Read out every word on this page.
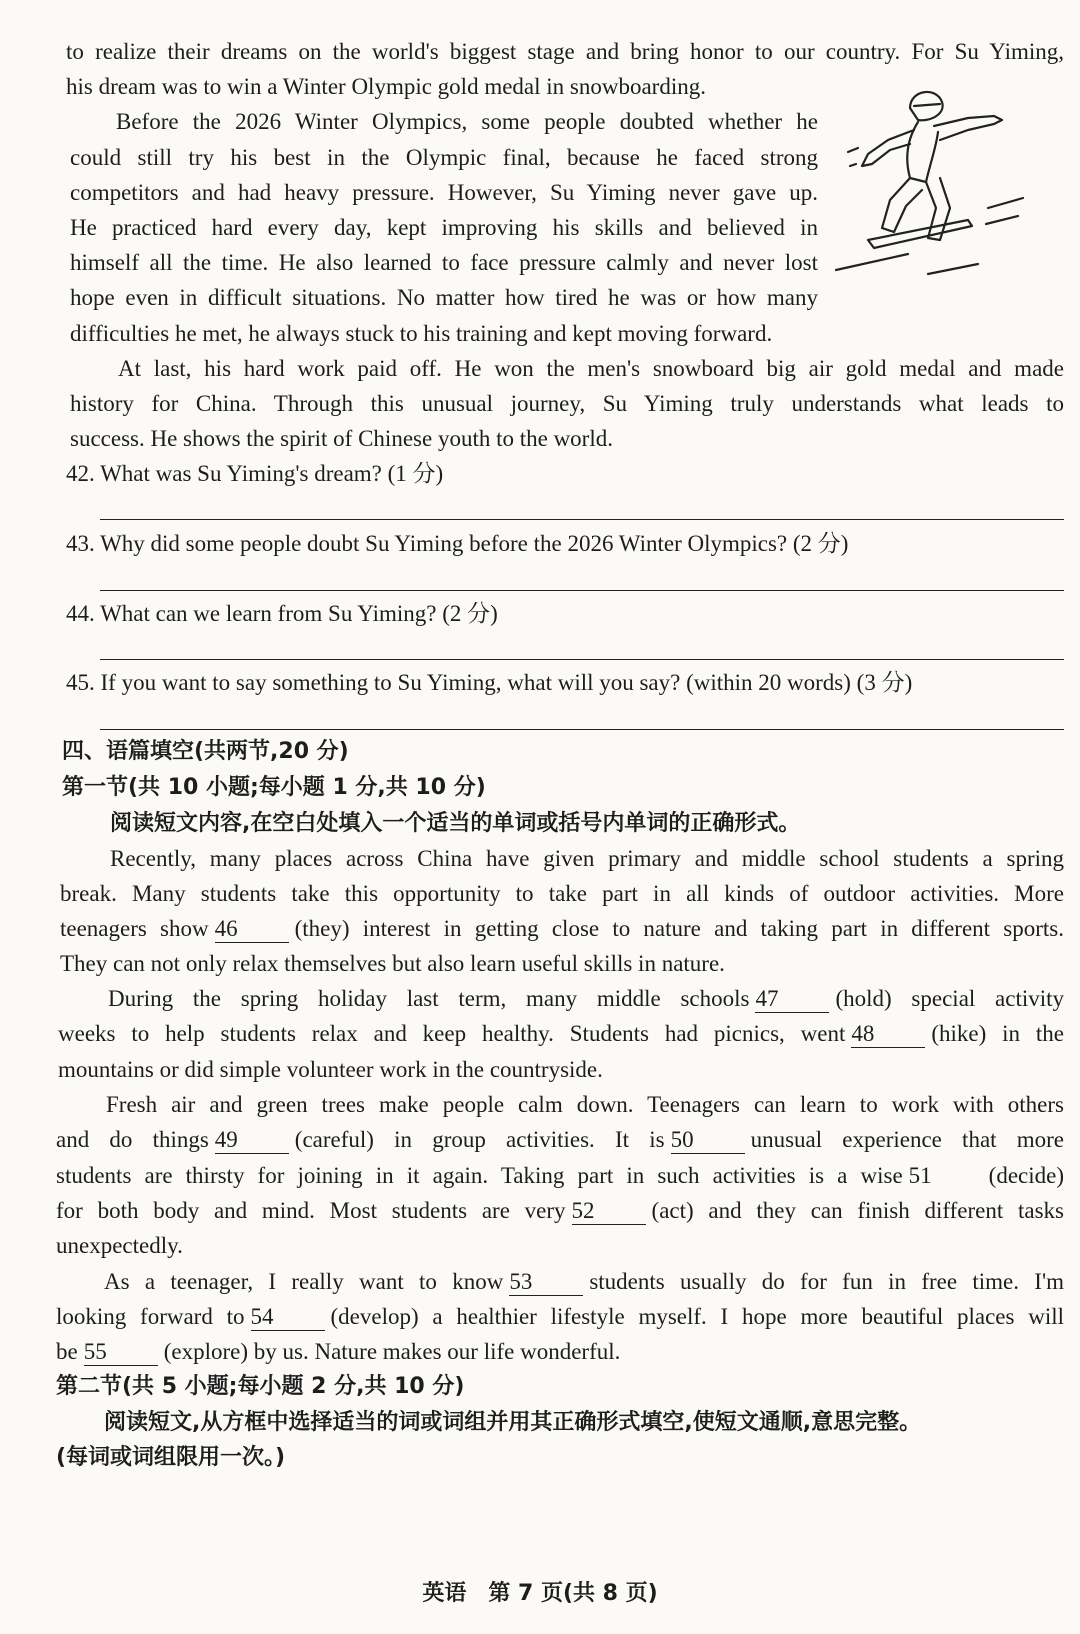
to realize their dreams on the world's biggest stage and bring honor to our country. For Su Yiming,
his dream was to win a Winter Olympic gold medal in snowboarding.
Before the 2026 Winter Olympics, some people doubted whether he
could still try his best in the Olympic final, because he faced strong
competitors and had heavy pressure. However, Su Yiming never gave up.
He practiced hard every day, kept improving his skills and believed in
himself all the time. He also learned to face pressure calmly and never lost
hope even in difficult situations. No matter how tired he was or how many
difficulties he met, he always stuck to his training and kept moving forward.
At last, his hard work paid off. He won the men's snowboard big air gold medal and made
history for China. Through this unusual journey, Su Yiming truly understands what leads to
success. He shows the spirit of Chinese youth to the world.
42. What was Su Yiming's dream? (1 分)
43. Why did some people doubt Su Yiming before the 2026 Winter Olympics? (2 分)
44. What can we learn from Su Yiming? (2 分)
45. If you want to say something to Su Yiming, what will you say? (within 20 words) (3 分)
四、语篇填空(共两节,20 分)
第一节(共 10 小题;每小题 1 分,共 10 分)
阅读短文内容,在空白处填入一个适当的单词或括号内单词的正确形式。
Recently, many places across China have given primary and middle school students a spring
break. Many students take this opportunity to take part in all kinds of outdoor activities. More
teenagers show 46 (they) interest in getting close to nature and taking part in different sports.
They can not only relax themselves but also learn useful skills in nature.
During the spring holiday last term, many middle schools 47 (hold) special activity
weeks to help students relax and keep healthy. Students had picnics, went 48 (hike) in the
mountains or did simple volunteer work in the countryside.
Fresh air and green trees make people calm down. Teenagers can learn to work with others
and do things 49 (careful) in group activities. It is 50 unusual experience that more
students are thirsty for joining in it again. Taking part in such activities is a wise 51 (decide)
for both body and mind. Most students are very 52 (act) and they can finish different tasks
unexpectedly.
As a teenager, I really want to know 53 students usually do for fun in free time. I'm
looking forward to 54 (develop) a healthier lifestyle myself. I hope more beautiful places will
be 55 (explore) by us. Nature makes our life wonderful.
第二节(共 5 小题;每小题 2 分,共 10 分)
阅读短文,从方框中选择适当的词或词组并用其正确形式填空,使短文通顺,意思完整。
(每词或词组限用一次。)
英语　第 7 页(共 8 页)
